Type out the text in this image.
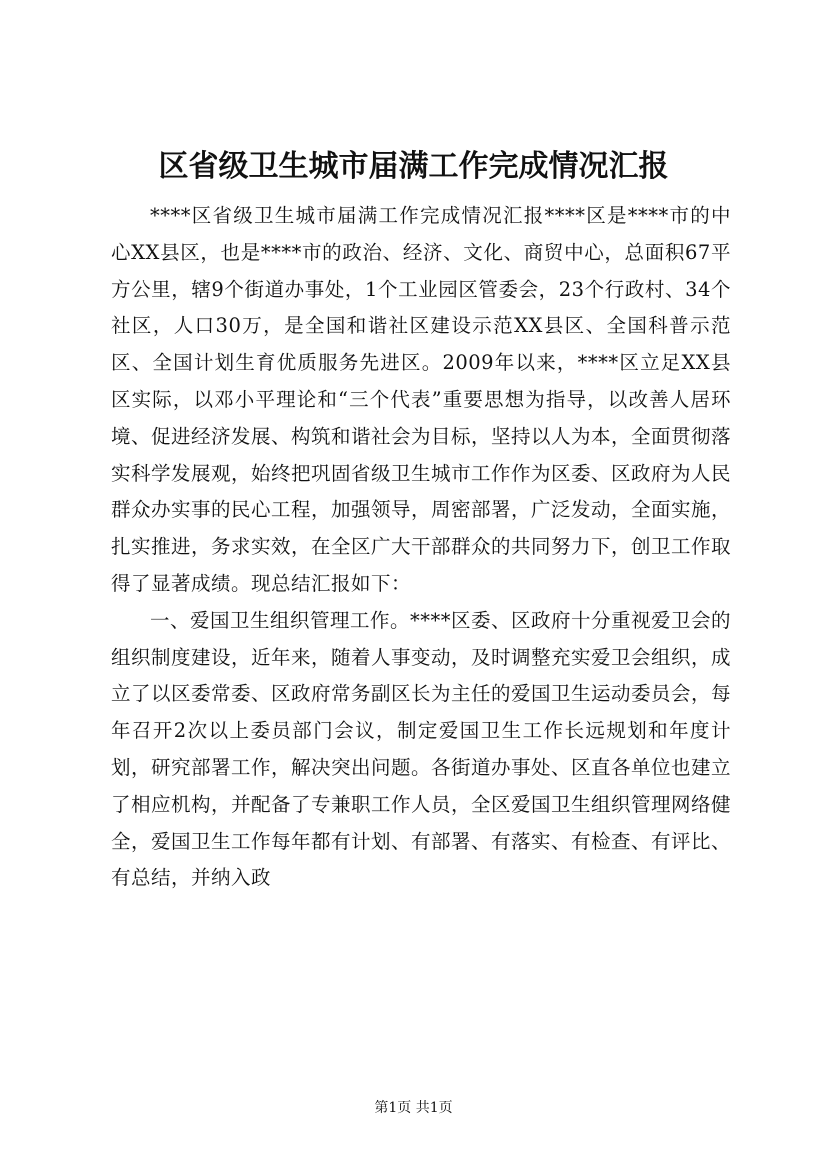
区省级卫生城市届满工作完成情况汇报

****区省级卫生城市届满工作完成情况汇报****区是****市的中心XX县区，也是****市的政治、经济、文化、商贸中心，总面积67平方公里，辖9个街道办事处，1个工业园区管委会，23个行政村、34个社区，人口30万，是全国和谐社区建设示范XX县区、全国科普示范区、全国计划生育优质服务先进区。2009年以来，****区立足XX县区实际，以邓小平理论和“三个代表”重要思想为指导，以改善人居环境、促进经济发展、构筑和谐社会为目标，坚持以人为本，全面贯彻落实科学发展观，始终把巩固省级卫生城市工作作为区委、区政府为人民群众办实事的民心工程，加强领导，周密部署，广泛发动，全面实施，扎实推进，务求实效，在全区广大干部群众的共同努力下，创卫工作取得了显著成绩。现总结汇报如下：

一、爱国卫生组织管理工作。****区委、区政府十分重视爱卫会的组织制度建设，近年来，随着人事变动，及时调整充实爱卫会组织，成立了以区委常委、区政府常务副区长为主任的爱国卫生运动委员会，每年召开2次以上委员部门会议，制定爱国卫生工作长远规划和年度计划，研究部署工作，解决突出问题。各街道办事处、区直各单位也建立了相应机构，并配备了专兼职工作人员，全区爱国卫生组织管理网络健全，爱国卫生工作每年都有计划、有部署、有落实、有检查、有评比、有总结，并纳入政

第1页 共1页
